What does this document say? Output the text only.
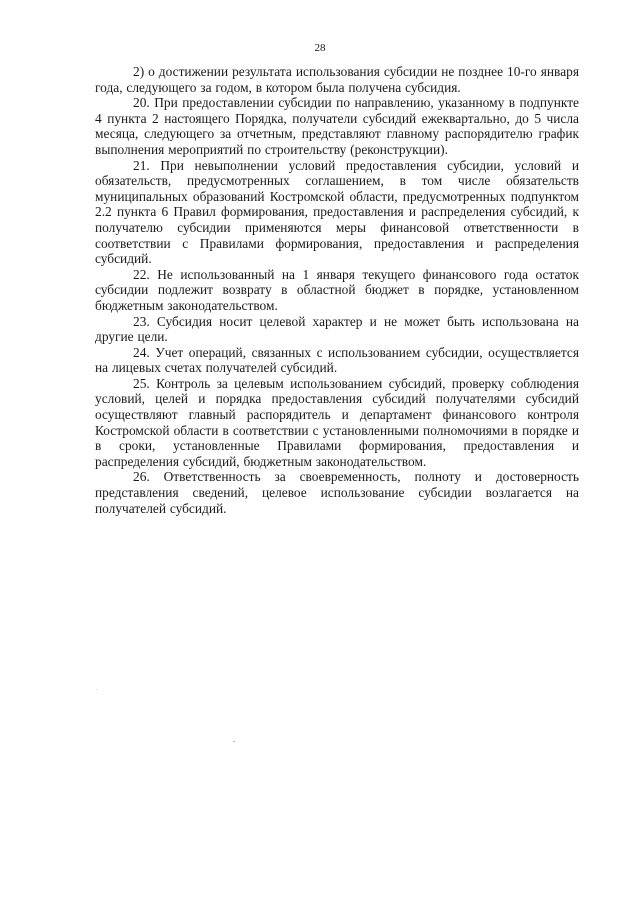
28

2) о достижении результата использования субсидии не позднее 10-го января года, следующего за годом, в котором была получена субсидия.

20. При предоставлении субсидии по направлению, указанному в подпункте 4 пункта 2 настоящего Порядка, получатели субсидий ежеквартально, до 5 числа месяца, следующего за отчетным, представляют главному распорядителю график выполнения мероприятий по строительству (реконструкции).

21. При невыполнении условий предоставления субсидии, условий и обязательств, предусмотренных соглашением, в том числе обязательств муниципальных образований Костромской области, предусмотренных подпунктом 2.2 пункта 6 Правил формирования, предоставления и распределения субсидий, к получателю субсидии применяются меры финансовой ответственности в соответствии с Правилами формирования, предоставления и распределения субсидий.

22. Не использованный на 1 января текущего финансового года остаток субсидии подлежит возврату в областной бюджет в порядке, установленном бюджетным законодательством.

23. Субсидия носит целевой характер и не может быть использована на другие цели.

24. Учет операций, связанных с использованием субсидии, осуществляется на лицевых счетах получателей субсидий.

25. Контроль за целевым использованием субсидий, проверку соблюдения условий, целей и порядка предоставления субсидий получателями субсидий осуществляют главный распорядитель и департамент финансового контроля Костромской области в соответствии с установленными полномочиями в порядке и в сроки, установленные Правилами формирования, предоставления и распределения субсидий, бюджетным законодательством.

26. Ответственность за своевременность, полноту и достоверность представления сведений, целевое использование субсидии возлагается на получателей субсидий.
